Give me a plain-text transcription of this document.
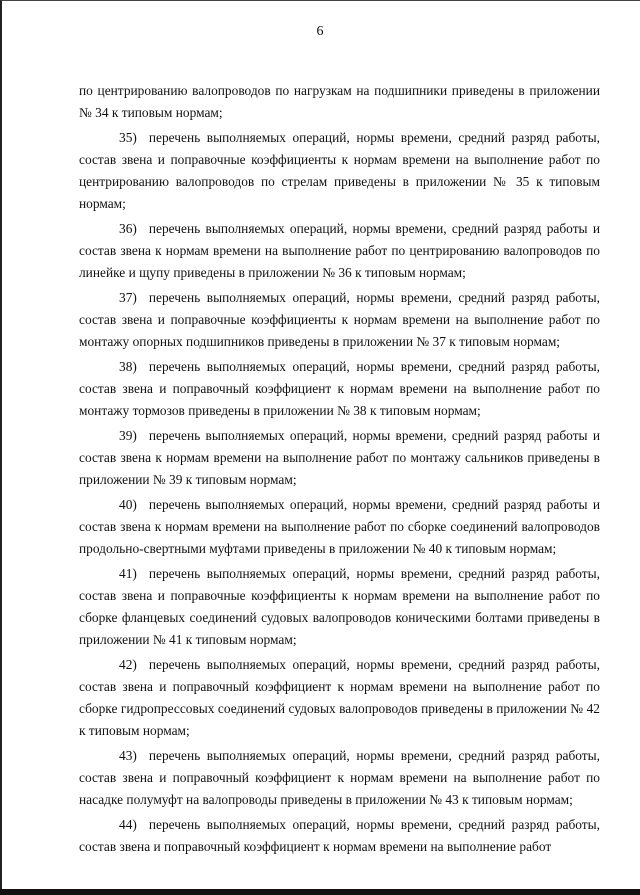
6

по центрированию валопроводов по нагрузкам на подшипники приведены в приложении № 34 к типовым нормам;

35) перечень выполняемых операций, нормы времени, средний разряд работы, состав звена и поправочные коэффициенты к нормам времени на выполнение работ по центрированию валопроводов по стрелам приведены в приложении № 35 к типовым нормам;

36) перечень выполняемых операций, нормы времени, средний разряд работы и состав звена к нормам времени на выполнение работ по центрированию валопроводов по линейке и щупу приведены в приложении № 36 к типовым нормам;

37) перечень выполняемых операций, нормы времени, средний разряд работы, состав звена и поправочные коэффициенты к нормам времени на выполнение работ по монтажу опорных подшипников приведены в приложении № 37 к типовым нормам;

38) перечень выполняемых операций, нормы времени, средний разряд работы, состав звена и поправочный коэффициент к нормам времени на выполнение работ по монтажу тормозов приведены в приложении № 38 к типовым нормам;

39) перечень выполняемых операций, нормы времени, средний разряд работы и состав звена к нормам времени на выполнение работ по монтажу сальников приведены в приложении № 39 к типовым нормам;

40) перечень выполняемых операций, нормы времени, средний разряд работы и состав звена к нормам времени на выполнение работ по сборке соединений валопроводов продольно-свертными муфтами приведены в приложении № 40 к типовым нормам;

41) перечень выполняемых операций, нормы времени, средний разряд работы, состав звена и поправочные коэффициенты к нормам времени на выполнение работ по сборке фланцевых соединений судовых валопроводов коническими болтами приведены в приложении № 41 к типовым нормам;

42) перечень выполняемых операций, нормы времени, средний разряд работы, состав звена и поправочный коэффициент к нормам времени на выполнение работ по сборке гидропрессовых соединений судовых валопроводов приведены в приложении № 42 к типовым нормам;

43) перечень выполняемых операций, нормы времени, средний разряд работы, состав звена и поправочный коэффициент к нормам времени на выполнение работ по насадке полумуфт на валопроводы приведены в приложении № 43 к типовым нормам;

44) перечень выполняемых операций, нормы времени, средний разряд работы, состав звена и поправочный коэффициент к нормам времени на выполнение работ
